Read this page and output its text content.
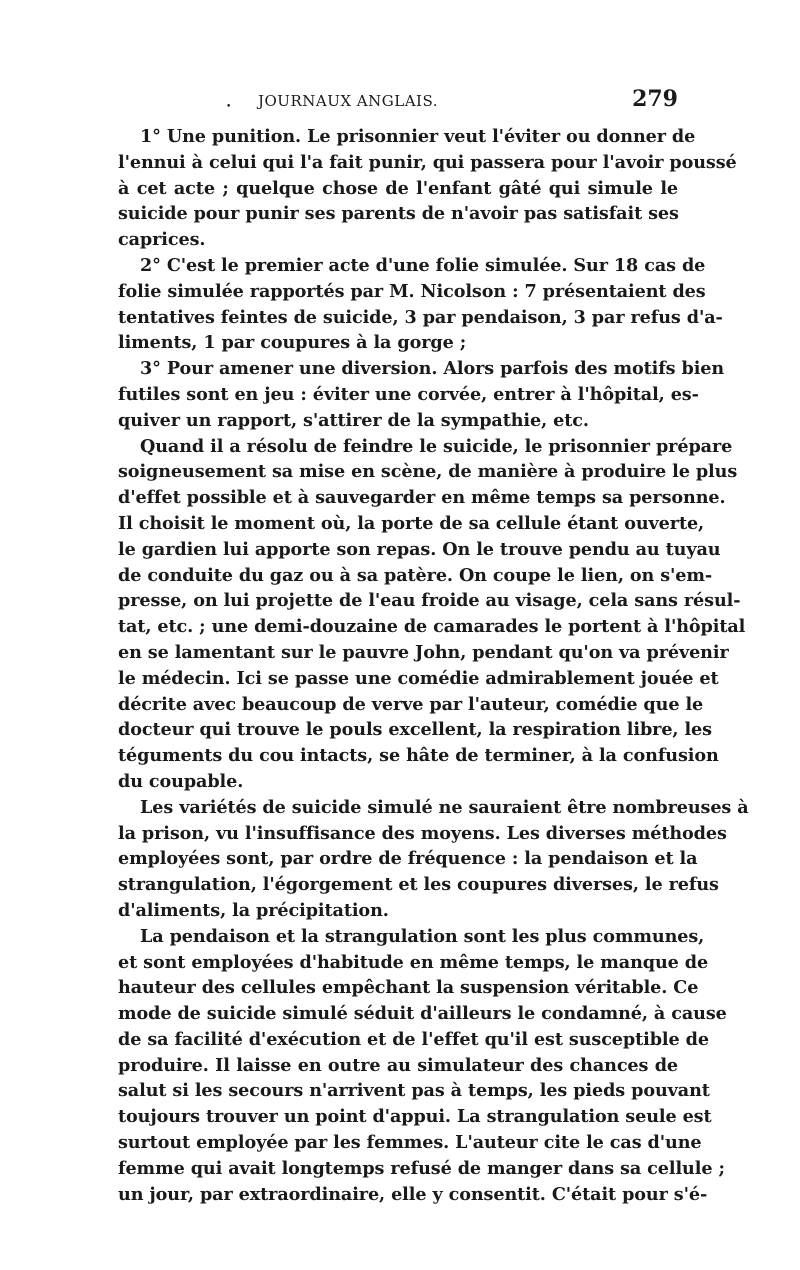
• JOURNAUX ANGLAIS.	279

1° Une punition. Le prisonnier veut l'éviter ou donner de
l'ennui à celui qui l'a fait punir, qui passera pour l'avoir poussé
à cet acte ; quelque chose de l'enfant gâté qui simule le
suicide pour punir ses parents de n'avoir pas satisfait ses
caprices.

2° C'est le premier acte d'une folie simulée. Sur 18 cas de
folie simulée rapportés par M. Nicolson : 7 présentaient des
tentatives feintes de suicide, 3 par pendaison, 3 par refus d'a-
liments, 1 par coupures à la gorge ;

3° Pour amener une diversion. Alors parfois des motifs bien
futiles sont en jeu : éviter une corvée, entrer à l'hôpital, es-
quiver un rapport, s'attirer de la sympathie, etc.

Quand il a résolu de feindre le suicide, le prisonnier prépare
soigneusement sa mise en scène, de manière à produire le plus
d'effet possible et à sauvegarder en même temps sa personne.
Il choisit le moment où, la porte de sa cellule étant ouverte,
le gardien lui apporte son repas. On le trouve pendu au tuyau
de conduite du gaz ou à sa patère. On coupe le lien, on s'em-
presse, on lui projette de l'eau froide au visage, cela sans résul-
tat, etc. ; une demi-douzaine de camarades le portent à l'hôpital
en se lamentant sur le pauvre John, pendant qu'on va prévenir
le médecin. Ici se passe une comédie admirablement jouée et
décrite avec beaucoup de verve par l'auteur, comédie que le
docteur qui trouve le pouls excellent, la respiration libre, les
téguments du cou intacts, se hâte de terminer, à la confusion
du coupable.

Les variétés de suicide simulé ne sauraient être nombreuses à
la prison, vu l'insuffisance des moyens. Les diverses méthodes
employées sont, par ordre de fréquence : la pendaison et la
strangulation, l'égorgement et les coupures diverses, le refus
d'aliments, la précipitation.

La pendaison et la strangulation sont les plus communes,
et sont employées d'habitude en même temps, le manque de
hauteur des cellules empêchant la suspension véritable. Ce
mode de suicide simulé séduit d'ailleurs le condamné, à cause
de sa facilité d'exécution et de l'effet qu'il est susceptible de
produire. Il laisse en outre au simulateur des chances de
salut si les secours n'arrivent pas à temps, les pieds pouvant
toujours trouver un point d'appui. La strangulation seule est
surtout employée par les femmes. L'auteur cite le cas d'une
femme qui avait longtemps refusé de manger dans sa cellule ;
un jour, par extraordinaire, elle y consentit. C'était pour s'é-
